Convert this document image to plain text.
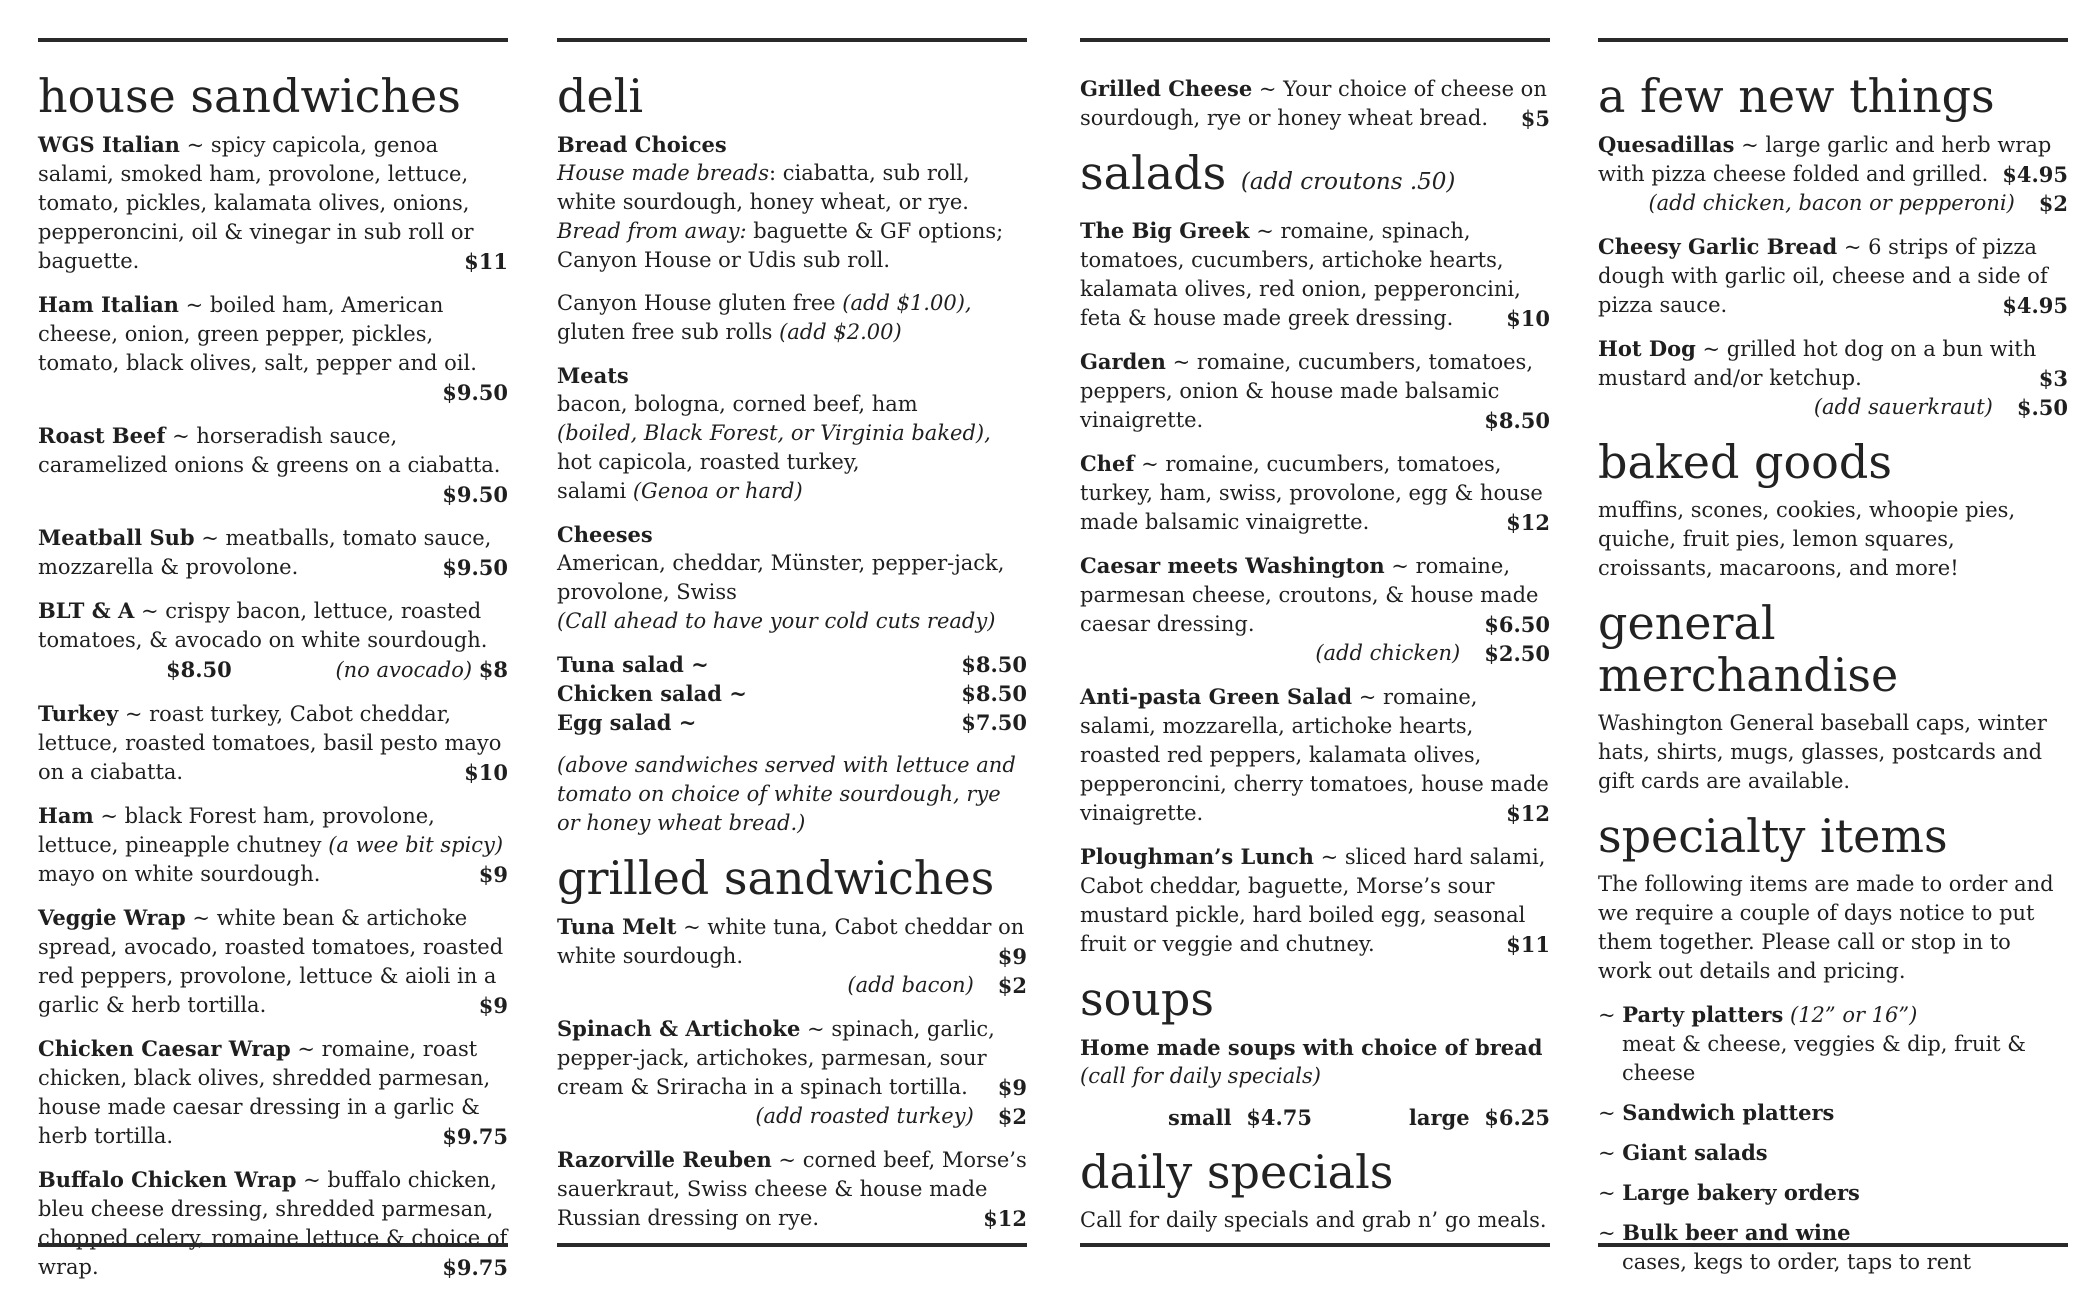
house sandwiches
WGS Italian ~ spicy capicola, genoa salami, smoked ham, provolone, lettuce, tomato, pickles, kalamata olives, onions, pepperoncini, oil & vinegar in sub roll or baguette.	$11
Ham Italian ~ boiled ham, American cheese, onion, green pepper, pickles, tomato, black olives, salt, pepper and oil.
$9.50
Roast Beef ~ horseradish sauce, caramelized onions & greens on a ciabatta.
$9.50
Meatball Sub ~ meatballs, tomato sauce, mozzarella & provolone.	$9.50
BLT & A ~ crispy bacon, lettuce, roasted tomatoes, & avocado on white sourdough.
$8.50	(no avocado) $8
Turkey ~ roast turkey, Cabot cheddar, lettuce, roasted tomatoes, basil pesto mayo on a ciabatta.	$10
Ham ~ black Forest ham, provolone, lettuce, pineapple chutney (a wee bit spicy) mayo on white sourdough.	$9
Veggie Wrap ~ white bean & artichoke spread, avocado, roasted tomatoes, roasted red peppers, provolone, lettuce & aioli in a garlic & herb tortilla.	$9
Chicken Caesar Wrap ~ romaine, roast chicken, black olives, shredded parmesan, house made caesar dressing in a garlic & herb tortilla.	$9.75
Buffalo Chicken Wrap ~ buffalo chicken, bleu cheese dressing, shredded parmesan, chopped celery, romaine lettuce & choice of wrap.	$9.75
deli
Bread Choices
House made breads: ciabatta, sub roll, white sourdough, honey wheat, or rye.
Bread from away: baguette & GF options; Canyon House or Udis sub roll.
Canyon House gluten free (add $1.00), gluten free sub rolls (add $2.00)
Meats
bacon, bologna, corned beef, ham
(boiled, Black Forest, or Virginia baked),
hot capicola, roasted turkey,
salami (Genoa or hard)
Cheeses
American, cheddar, Münster, pepper-jack, provolone, Swiss
(Call ahead to have your cold cuts ready)
Tuna salad ~	$8.50
Chicken salad ~	$8.50
Egg salad ~	$7.50
(above sandwiches served with lettuce and tomato on choice of white sourdough, rye or honey wheat bread.)
grilled sandwiches
Tuna Melt ~ white tuna, Cabot cheddar on white sourdough.	$9
(add bacon) $2
Spinach & Artichoke ~ spinach, garlic, pepper-jack, artichokes, parmesan, sour cream & Sriracha in a spinach tortilla. $9
(add roasted turkey) $2
Razorville Reuben ~ corned beef, Morse’s sauerkraut, Swiss cheese & house made Russian dressing on rye.	$12
Grilled Cheese ~ Your choice of cheese on sourdough, rye or honey wheat bread. $5
salads (add croutons .50)
The Big Greek ~ romaine, spinach, tomatoes, cucumbers, artichoke hearts, kalamata olives, red onion, pepperoncini, feta & house made greek dressing.	$10
Garden ~ romaine, cucumbers, tomatoes, peppers, onion & house made balsamic vinaigrette.	$8.50
Chef ~ romaine, cucumbers, tomatoes, turkey, ham, swiss, provolone, egg & house made balsamic vinaigrette.	$12
Caesar meets Washington ~ romaine, parmesan cheese, croutons, & house made caesar dressing.	$6.50
(add chicken) $2.50
Anti-pasta Green Salad ~ romaine, salami, mozzarella, artichoke hearts, roasted red peppers, kalamata olives, pepperoncini, cherry tomatoes, house made vinaigrette.	$12
Ploughman’s Lunch ~ sliced hard salami, Cabot cheddar, baguette, Morse’s sour mustard pickle, hard boiled egg, seasonal fruit or veggie and chutney.	$11
soups
Home made soups with choice of bread
(call for daily specials)
small $4.75	large $6.25
daily specials
Call for daily specials and grab n’ go meals.
a few new things
Quesadillas ~ large garlic and herb wrap with pizza cheese folded and grilled. $4.95
(add chicken, bacon or pepperoni) $2
Cheesy Garlic Bread ~ 6 strips of pizza dough with garlic oil, cheese and a side of pizza sauce.	$4.95
Hot Dog ~ grilled hot dog on a bun with mustard and/or ketchup.	$3
(add sauerkraut) $.50
baked goods
muffins, scones, cookies, whoopie pies, quiche, fruit pies, lemon squares, croissants, macaroons, and more!
general merchandise
Washington General baseball caps, winter hats, shirts, mugs, glasses, postcards and gift cards are available.
specialty items
The following items are made to order and we require a couple of days notice to put them together. Please call or stop in to work out details and pricing.
~ Party platters (12” or 16”)
meat & cheese, veggies & dip, fruit & cheese
~ Sandwich platters
~ Giant salads
~ Large bakery orders
~ Bulk beer and wine
cases, kegs to order, taps to rent
